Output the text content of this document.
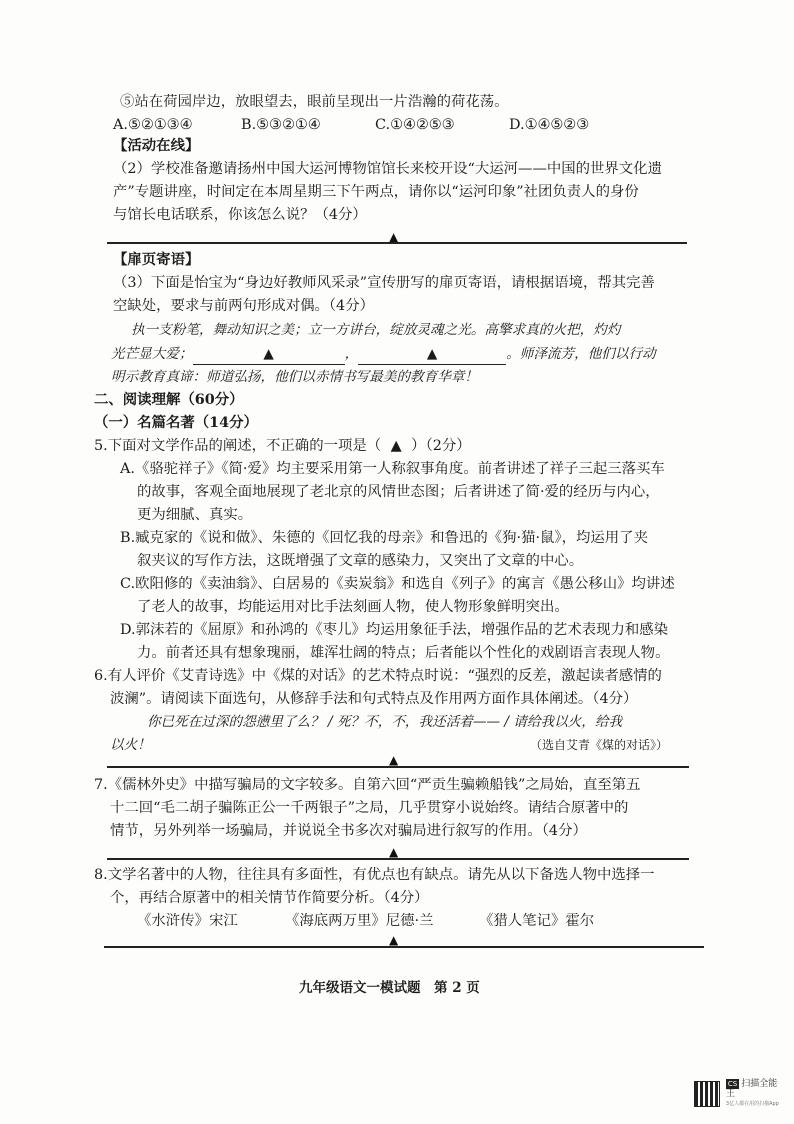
⑤站在荷园岸边，放眼望去，眼前呈现出一片浩瀚的荷花荡。
A.⑤②①③④	B.⑤③②①④	C.①④②⑤③	D.①④⑤②③
【活动在线】
（2）学校准备邀请扬州中国大运河博物馆馆长来校开设“大运河——中国的世界文化遗
产”专题讲座，时间定在本周星期三下午两点，请你以“运河印象”社团负责人的身份
与馆长电话联系，你该怎么说？（4分）
▲
【扉页寄语】
（3）下面是怡宝为“身边好教师风采录”宣传册写的扉页寄语，请根据语境，帮其完善
空缺处，要求与前两句形成对偶。（4分）
执一支粉笔，舞动知识之美；立一方讲台，绽放灵魂之光。高擎求真的火把，灼灼
光芒显大爱；	▲	，	▲	。师泽流芳，他们以行动
明示教育真谛：师道弘扬，他们以赤情书写最美的教育华章！
二、阅读理解（60分）
（一）名篇名著（14分）
5.下面对文学作品的阐述，不正确的一项是（ ▲ ）（2分）
A.《骆驼祥子》《简·爱》均主要采用第一人称叙事角度。前者讲述了祥子三起三落买车
的故事，客观全面地展现了老北京的风情世态图；后者讲述了简·爱的经历与内心，
更为细腻、真实。
B.臧克家的《说和做》、朱德的《回忆我的母亲》和鲁迅的《狗·猫·鼠》，均运用了夹
叙夹议的写作方法，这既增强了文章的感染力，又突出了文章的中心。
C.欧阳修的《卖油翁》、白居易的《卖炭翁》和选自《列子》的寓言《愚公移山》均讲述
了老人的故事，均能运用对比手法刻画人物，使人物形象鲜明突出。
D.郭沫若的《屈原》和孙鸿的《枣儿》均运用象征手法，增强作品的艺术表现力和感染
力。前者还具有想象瑰丽，雄浑壮阔的特点；后者能以个性化的戏剧语言表现人物。
6.有人评价《艾青诗选》中《煤的对话》的艺术特点时说：“强烈的反差，激起读者感情的
波澜”。请阅读下面选句，从修辞手法和句式特点及作用两方面作具体阐述。（4分）
你已死在过深的怨懑里了么？ / 死？不，不，我还活着—— / 请给我以火，给我
以火！	（选自艾青《煤的对话》）
▲
7.《儒林外史》中描写骗局的文字较多。自第六回“严贡生骗赖船钱”之局始，直至第五
十二回“毛二胡子骗陈正公一千两银子”之局，几乎贯穿小说始终。请结合原著中的
情节，另外列举一场骗局，并说说全书多次对骗局进行叙写的作用。（4分）
▲
8.文学名著中的人物，往往具有多面性，有优点也有缺点。请先从以下备选人物中选择一
个，再结合原著中的相关情节作简要分析。（4分）
《水浒传》宋江	《海底两万里》尼德·兰	《猎人笔记》霍尔
▲
九年级语文一模试题　第 2 页
CS 扫描全能王
3亿人都在用的扫描App
